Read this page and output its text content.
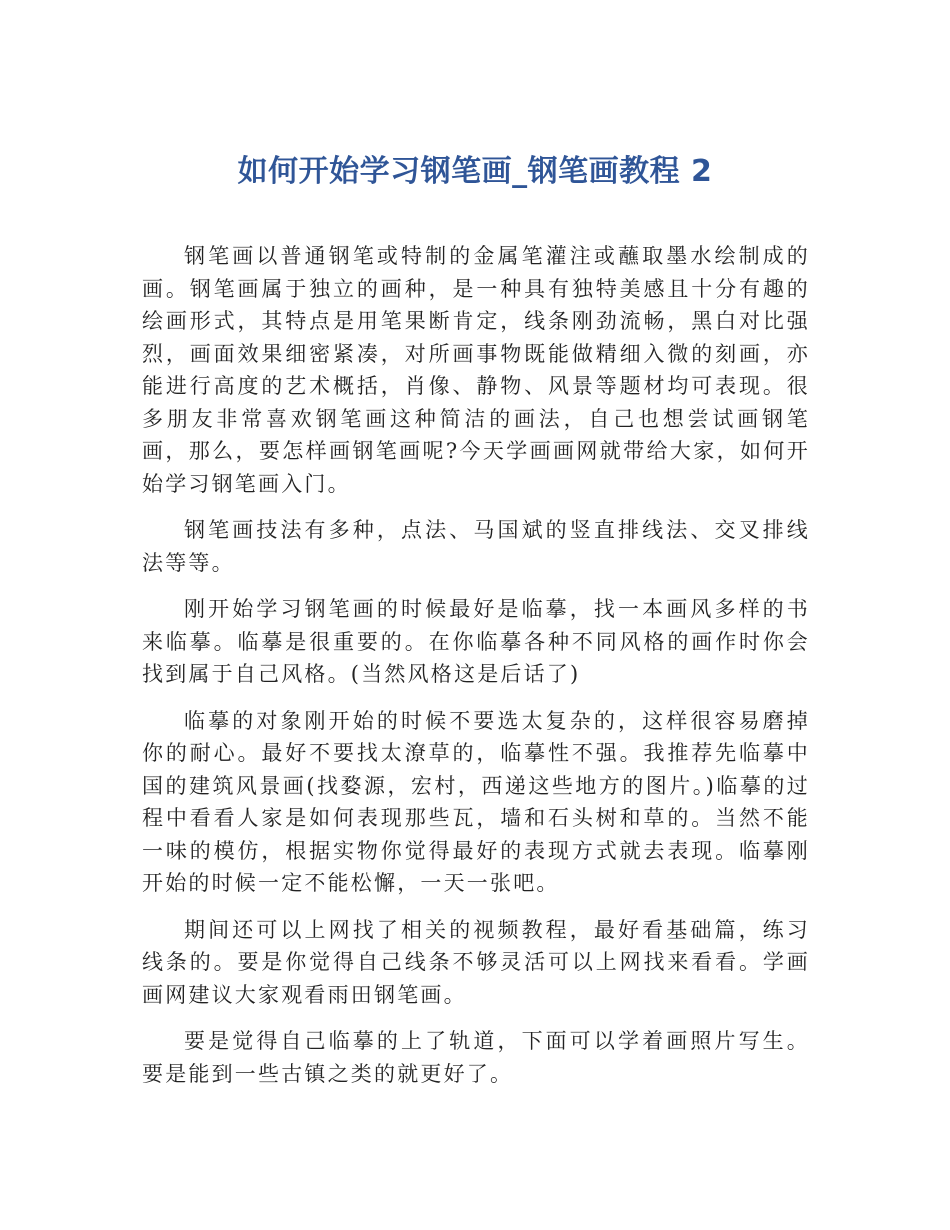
如何开始学习钢笔画_钢笔画教程 2

钢笔画以普通钢笔或特制的金属笔灌注或蘸取墨水绘制成的画。钢笔画属于独立的画种，是一种具有独特美感且十分有趣的绘画形式，其特点是用笔果断肯定，线条刚劲流畅，黑白对比强烈，画面效果细密紧凑，对所画事物既能做精细入微的刻画，亦能进行高度的艺术概括，肖像、静物、风景等题材均可表现。很多朋友非常喜欢钢笔画这种简洁的画法，自己也想尝试画钢笔画，那么，要怎样画钢笔画呢?今天学画画网就带给大家，如何开始学习钢笔画入门。

钢笔画技法有多种，点法、马国斌的竖直排线法、交叉排线法等等。

刚开始学习钢笔画的时候最好是临摹，找一本画风多样的书来临摹。临摹是很重要的。在你临摹各种不同风格的画作时你会找到属于自己风格。(当然风格这是后话了)

临摹的对象刚开始的时候不要选太复杂的，这样很容易磨掉你的耐心。最好不要找太潦草的，临摹性不强。我推荐先临摹中国的建筑风景画(找婺源，宏村，西递这些地方的图片。)临摹的过程中看看人家是如何表现那些瓦，墙和石头树和草的。当然不能一味的模仿，根据实物你觉得最好的表现方式就去表现。临摹刚开始的时候一定不能松懈，一天一张吧。

期间还可以上网找了相关的视频教程，最好看基础篇，练习线条的。要是你觉得自己线条不够灵活可以上网找来看看。学画画网建议大家观看雨田钢笔画。

要是觉得自己临摹的上了轨道，下面可以学着画照片写生。要是能到一些古镇之类的就更好了。
